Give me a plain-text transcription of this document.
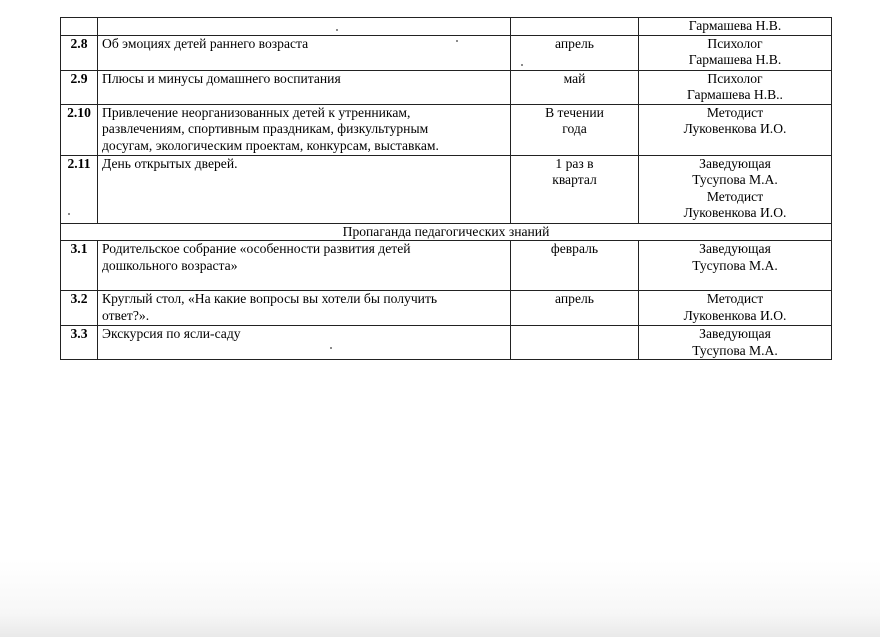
			Гармашева Н.В.

2.8	Об эмоциях детей раннего возраста	апрель	Психолог
Гармашева Н.В.

2.9	Плюсы и минусы домашнего воспитания	май	Психолог
Гармашева Н.В..

2.10	Привлечение неорганизованных детей к утренникам,
развлечениям, спортивным праздникам, физкультурным
досугам, экологическим проектам, конкурсам, выставкам.	В течении
года	Методист
Луковенкова И.О.

2.11	День открытых дверей.	1 раз в
квартал	Заведующая
Тусупова М.А.
Методист
Луковенкова И.О.

Пропаганда педагогических знаний			
3.1	Родительское собрание «особенности развития детей
дошкольного возраста»	февраль	Заведующая
Тусупова М.А.

3.2	Круглый стол, «На какие вопросы вы хотели бы получить
ответ?».	апрель	Методист
Луковенкова И.О.

3.3	Экскурсия по ясли-саду		Заведующая
Тусупова М.А.
